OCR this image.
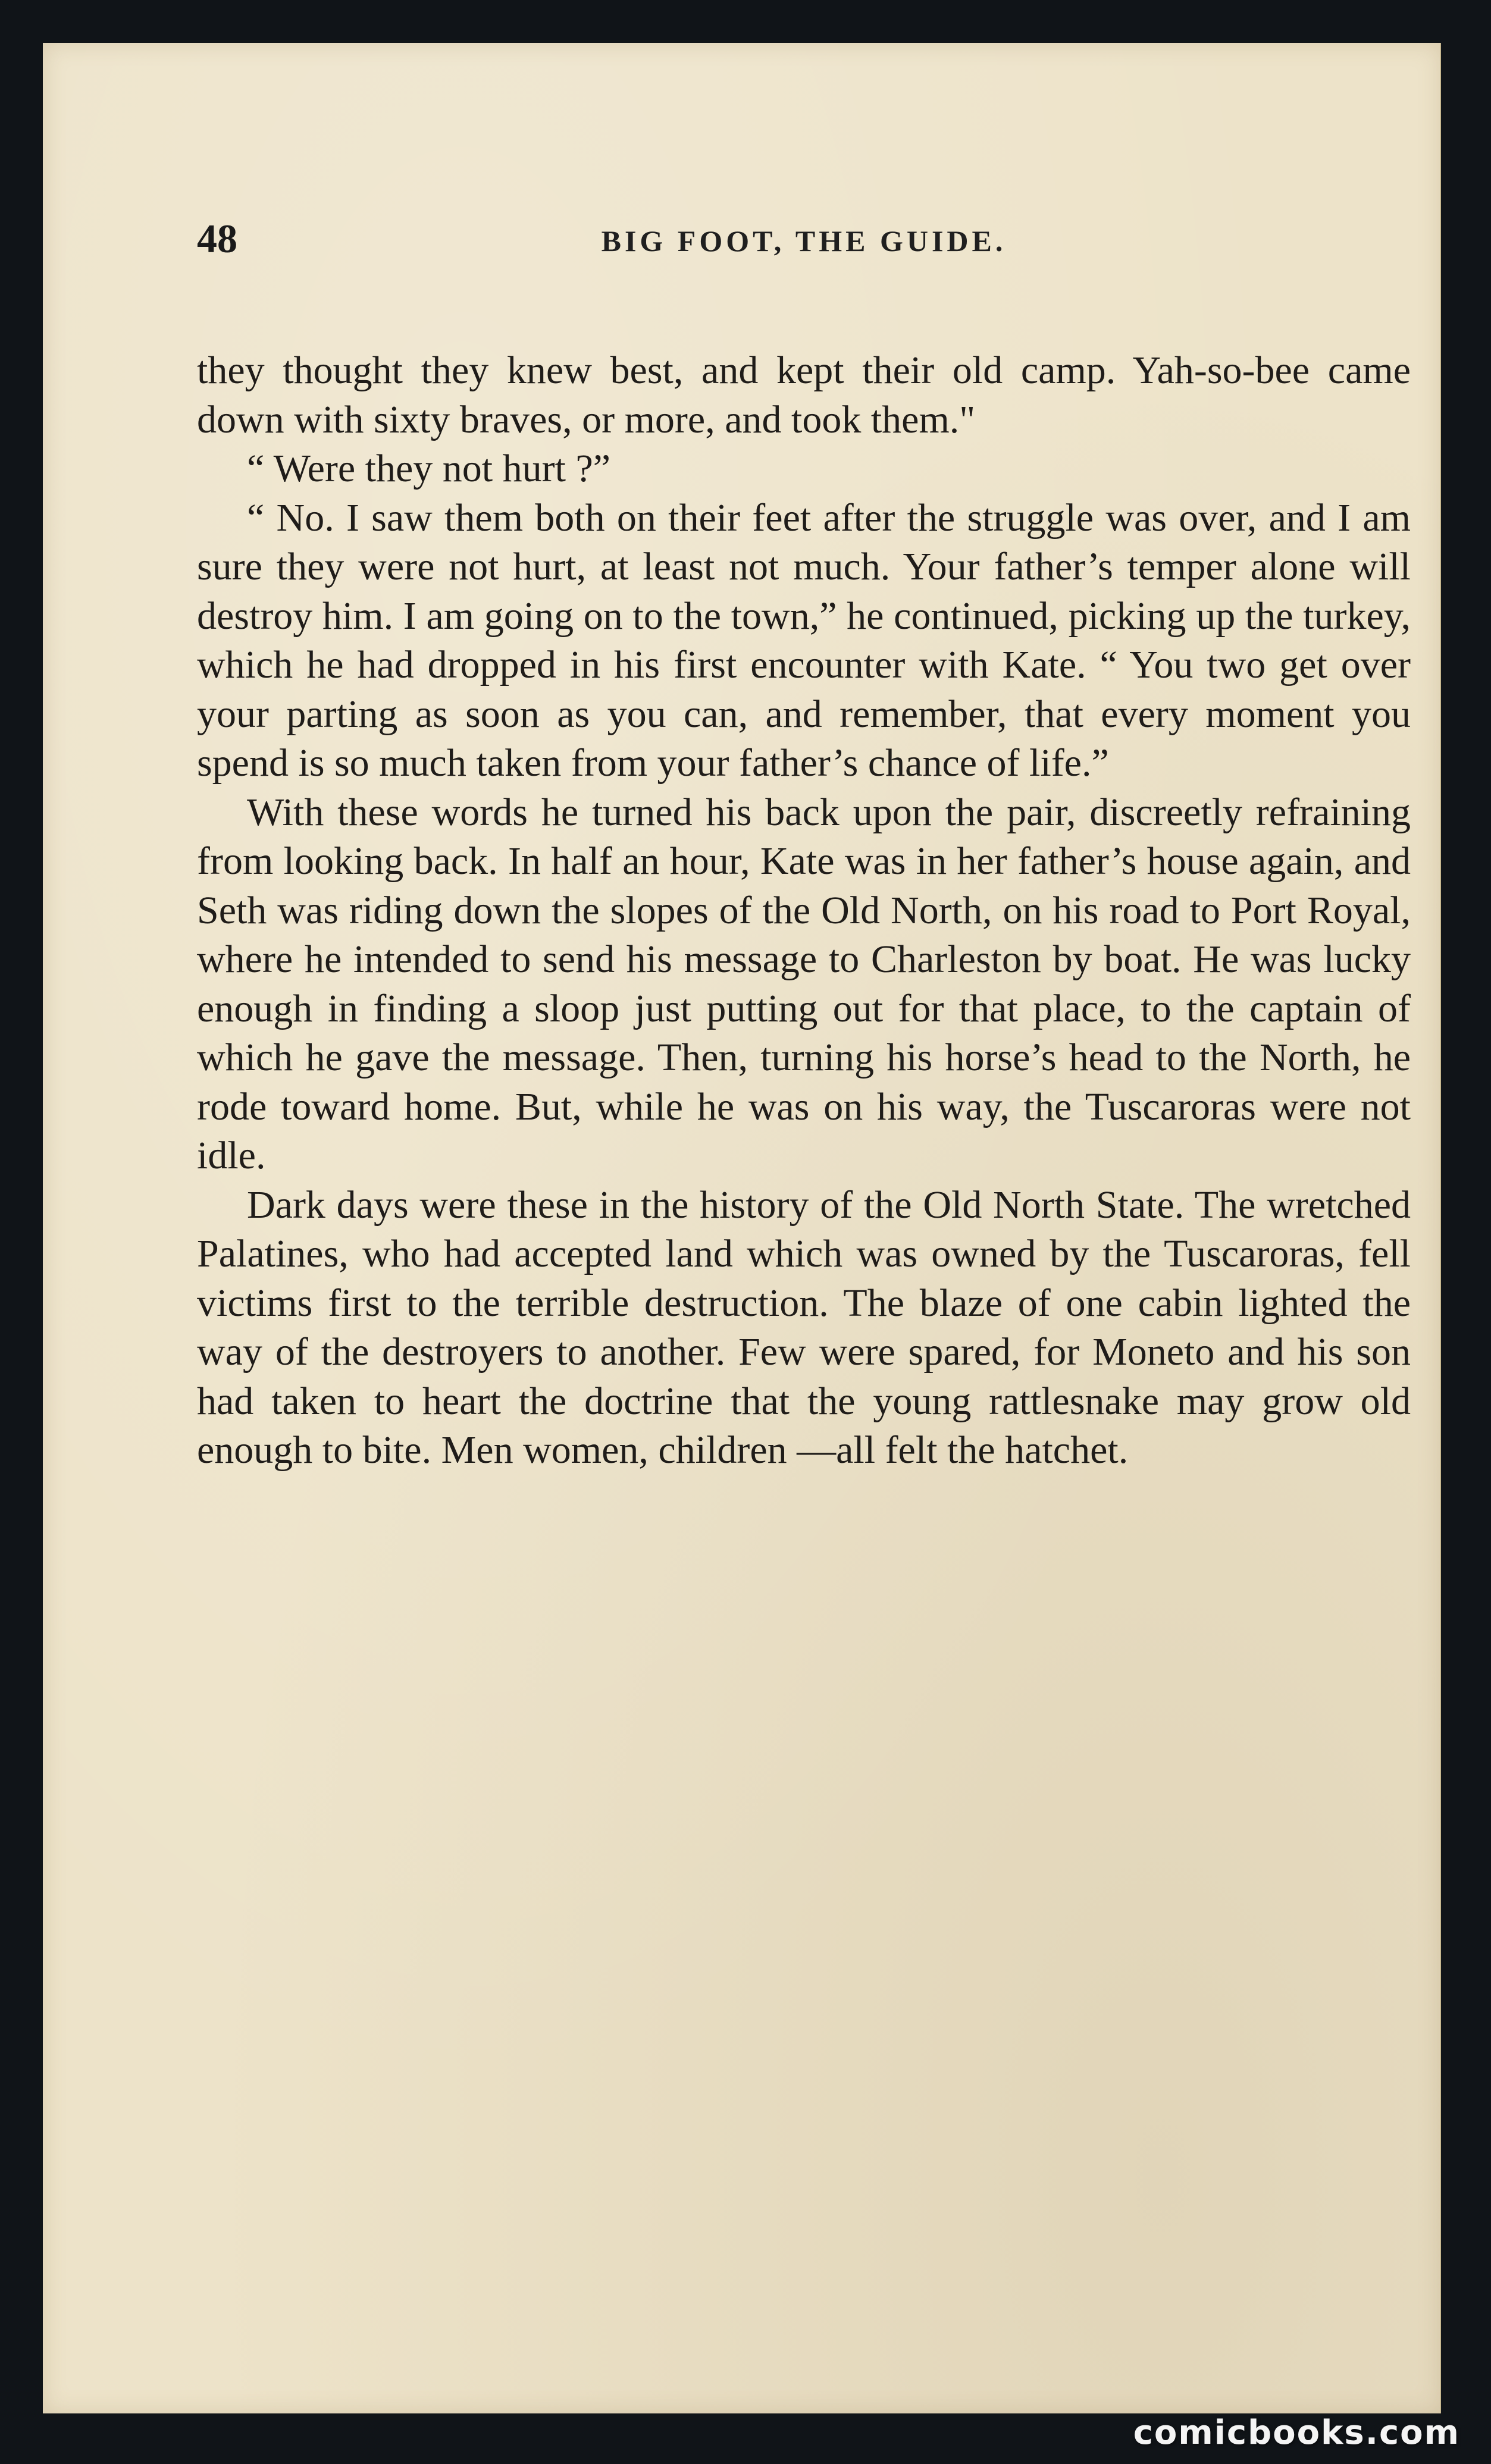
48	BIG FOOT, THE GUIDE.

they thought they knew best, and kept their old camp. Yah-so-bee came down with sixty braves, or more, and took them."

“ Were they not hurt ?”

“ No. I saw them both on their feet after the struggle was over, and I am sure they were not hurt, at least not much. Your father’s temper alone will destroy him. I am going on to the town,” he continued, picking up the turkey, which he had dropped in his first encounter with Kate. “ You two get over your parting as soon as you can, and remember, that every moment you spend is so much taken from your father’s chance of life.”

With these words he turned his back upon the pair, discreetly refraining from looking back. In half an hour, Kate was in her father’s house again, and Seth was riding down the slopes of the Old North, on his road to Port Royal, where he intended to send his message to Charleston by boat. He was lucky enough in finding a sloop just putting out for that place, to the captain of which he gave the message. Then, turning his horse’s head to the North, he rode toward home. But, while he was on his way, the Tuscaroras were not idle.

Dark days were these in the history of the Old North State. The wretched Palatines, who had accepted land which was owned by the Tuscaroras, fell victims first to the terrible destruction. The blaze of one cabin lighted the way of the destroyers to another. Few were spared, for Moneto and his son had taken to heart the doctrine that the young rattlesnake may grow old enough to bite. Men women, children —all felt the hatchet.

comicbooks.com
